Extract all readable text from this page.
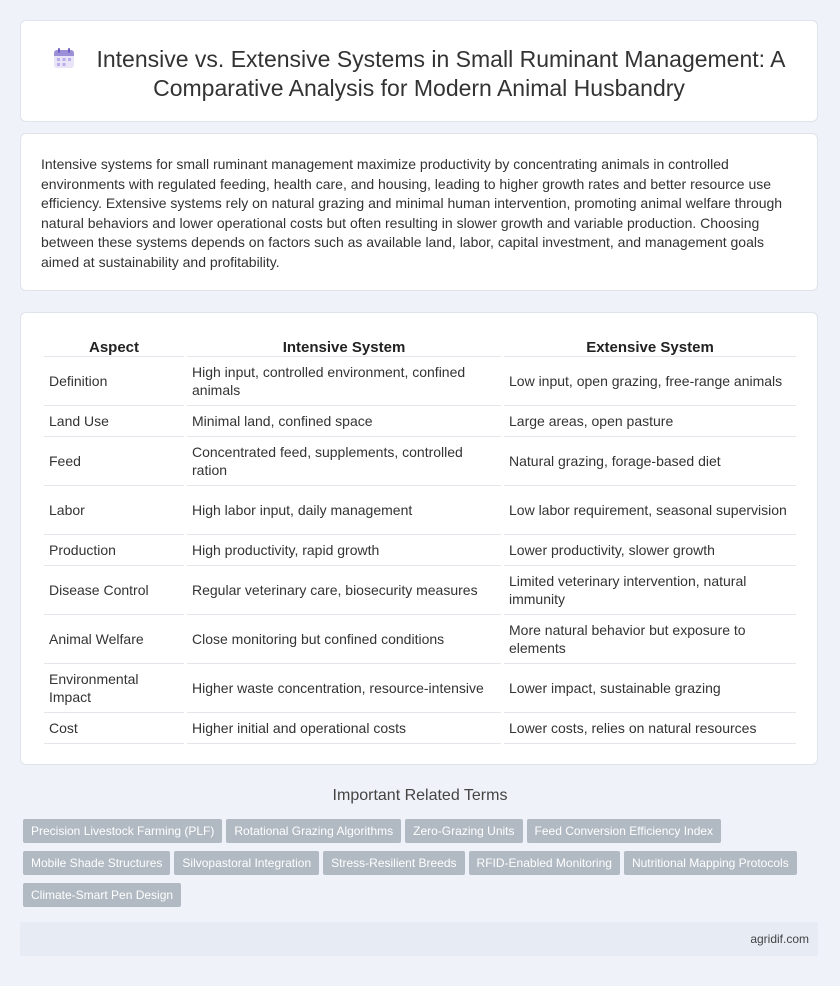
Intensive vs. Extensive Systems in Small Ruminant Management: A Comparative Analysis for Modern Animal Husbandry

Intensive systems for small ruminant management maximize productivity by concentrating animals in controlled environments with regulated feeding, health care, and housing, leading to higher growth rates and better resource use efficiency. Extensive systems rely on natural grazing and minimal human intervention, promoting animal welfare through natural behaviors and lower operational costs but often resulting in slower growth and variable production. Choosing between these systems depends on factors such as available land, labor, capital investment, and management goals aimed at sustainability and profitability.

Aspect	Intensive System	Extensive System
Definition	High input, controlled environment, confined animals	Low input, open grazing, free-range animals
Land Use	Minimal land, confined space	Large areas, open pasture
Feed	Concentrated feed, supplements, controlled ration	Natural grazing, forage-based diet
Labor	High labor input, daily management	Low labor requirement, seasonal supervision
Production	High productivity, rapid growth	Lower productivity, slower growth
Disease Control	Regular veterinary care, biosecurity measures	Limited veterinary intervention, natural immunity
Animal Welfare	Close monitoring but confined conditions	More natural behavior but exposure to elements
Environmental Impact	Higher waste concentration, resource-intensive	Lower impact, sustainable grazing
Cost	Higher initial and operational costs	Lower costs, relies on natural resources
Important Related Terms
Precision Livestock Farming (PLF) Rotational Grazing Algorithms Zero-Grazing Units Feed Conversion Efficiency Index
Mobile Shade Structures Silvopastoral Integration Stress-Resilient Breeds RFID-Enabled Monitoring Nutritional Mapping Protocols
Climate-Smart Pen Design
agridif.com
